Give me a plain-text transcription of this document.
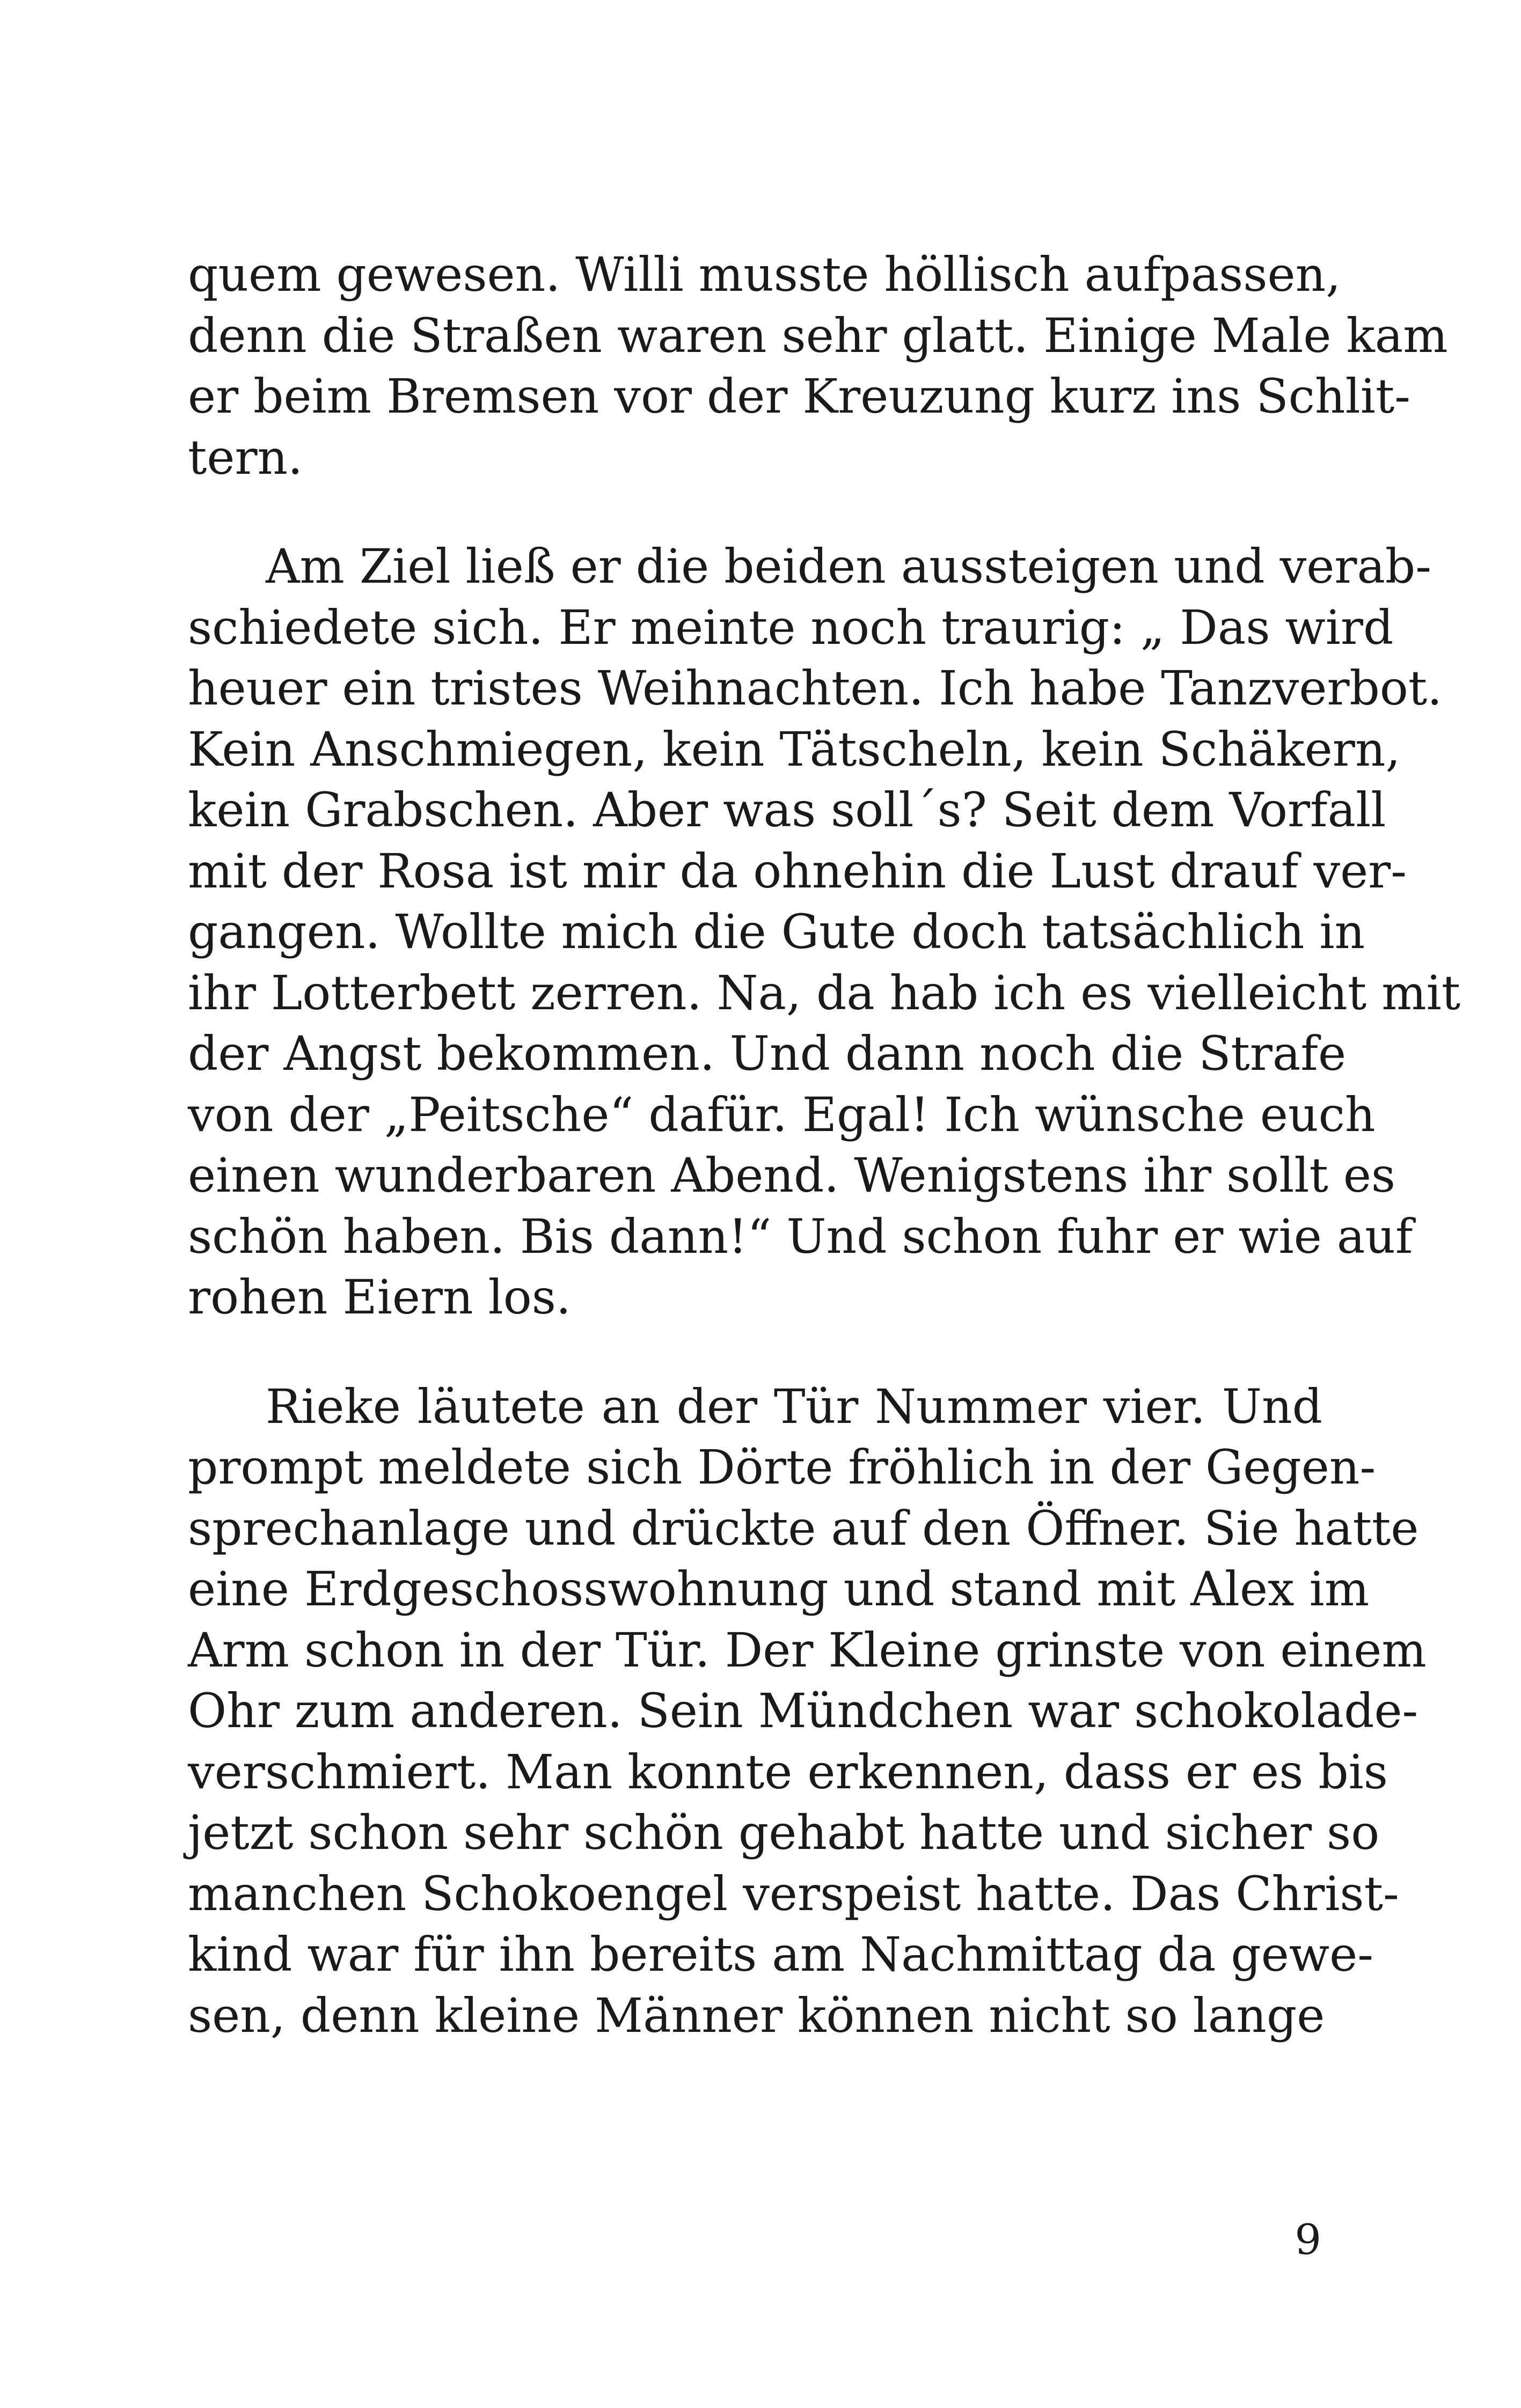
quem gewesen. Willi musste höllisch aufpassen,
denn die Straßen waren sehr glatt. Einige Male kam
er beim Bremsen vor der Kreuzung kurz ins Schlit-
tern.

Am Ziel ließ er die beiden aussteigen und verab-
schiedete sich. Er meinte noch traurig: „ Das wird
heuer ein tristes Weihnachten. Ich habe Tanzverbot.
Kein Anschmiegen, kein Tätscheln, kein Schäkern,
kein Grabschen. Aber was soll´s? Seit dem Vorfall
mit der Rosa ist mir da ohnehin die Lust drauf ver-
gangen. Wollte mich die Gute doch tatsächlich in
ihr Lotterbett zerren. Na, da hab ich es vielleicht mit
der Angst bekommen. Und dann noch die Strafe
von der „Peitsche“ dafür. Egal! Ich wünsche euch
einen wunderbaren Abend. Wenigstens ihr sollt es
schön haben. Bis dann!“ Und schon fuhr er wie auf
rohen Eiern los.

Rieke läutete an der Tür Nummer vier. Und
prompt meldete sich Dörte fröhlich in der Gegen-
sprechanlage und drückte auf den Öffner. Sie hatte
eine Erdgeschosswohnung und stand mit Alex im
Arm schon in der Tür. Der Kleine grinste von einem
Ohr zum anderen. Sein Mündchen war schokolade-
verschmiert. Man konnte erkennen, dass er es bis
jetzt schon sehr schön gehabt hatte und sicher so
manchen Schokoengel verspeist hatte. Das Christ-
kind war für ihn bereits am Nachmittag da gewe-
sen, denn kleine Männer können nicht so lange

9
